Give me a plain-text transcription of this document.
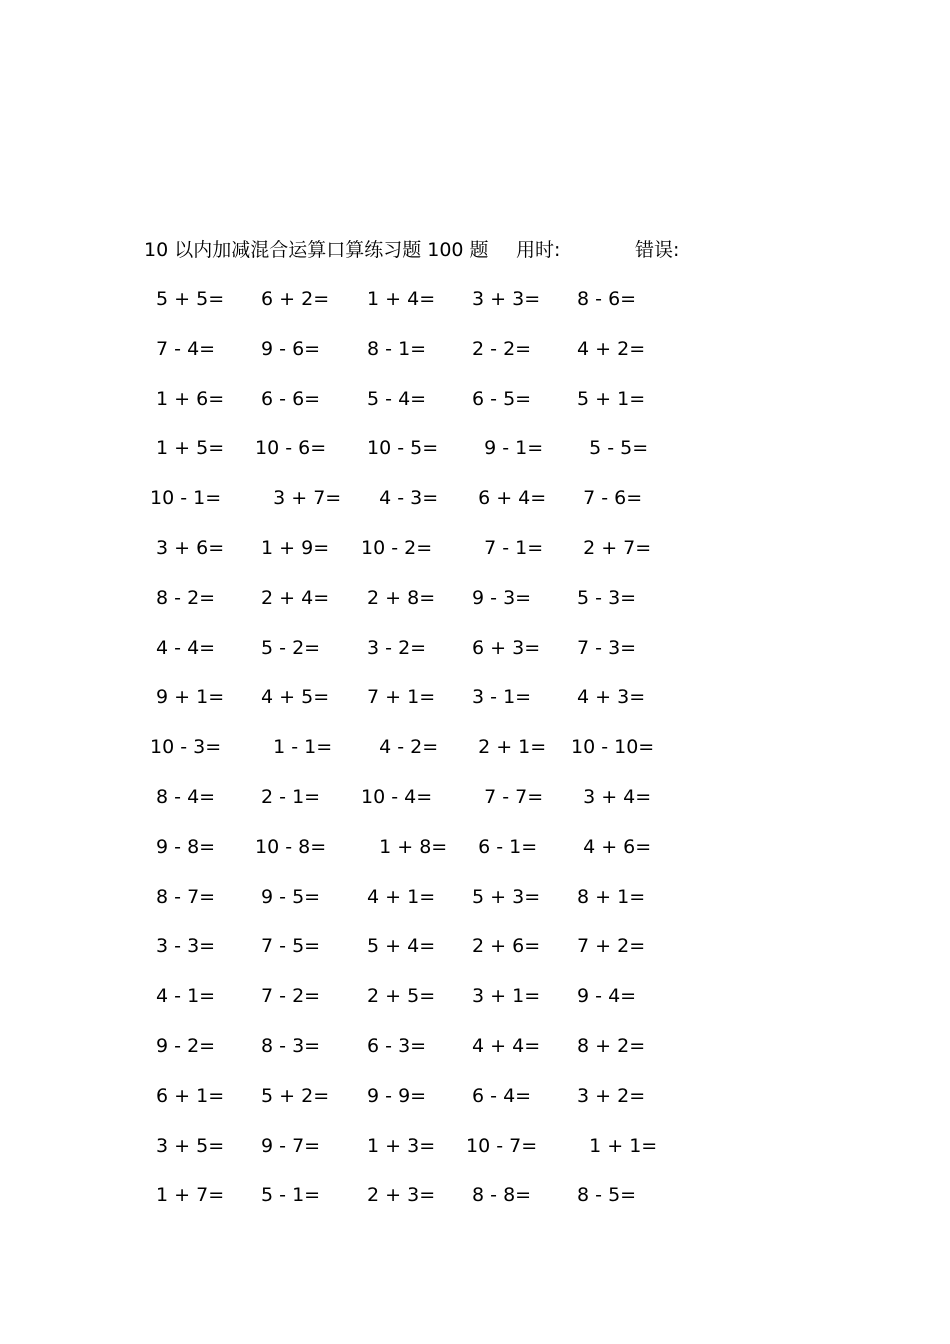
10 以内加减混合运算口算练习题 100 题 用时:	错误:
5 + 5= 6 + 2= 1 + 4= 3 + 3= 8 - 6=
7 - 4= 9 - 6= 8 - 1= 2 - 2= 4 + 2=
1 + 6= 6 - 6= 5 - 4= 6 - 5= 5 + 1=
1 + 5= 10 - 6= 10 - 5= 9 - 1= 5 - 5=
10 - 1= 3 + 7= 4 - 3= 6 + 4= 7 - 6=
3 + 6= 1 + 9= 10 - 2= 7 - 1= 2 + 7=
8 - 2= 2 + 4= 2 + 8= 9 - 3= 5 - 3=
4 - 4= 5 - 2= 3 - 2= 6 + 3= 7 - 3=
9 + 1= 4 + 5= 7 + 1= 3 - 1= 4 + 3=
10 - 3= 1 - 1= 4 - 2= 2 + 1= 10 - 10=
8 - 4= 2 - 1= 10 - 4= 7 - 7= 3 + 4=
9 - 8= 10 - 8= 1 + 8= 6 - 1= 4 + 6=
8 - 7= 9 - 5= 4 + 1= 5 + 3= 8 + 1=
3 - 3= 7 - 5= 5 + 4= 2 + 6= 7 + 2=
4 - 1= 7 - 2= 2 + 5= 3 + 1= 9 - 4=
9 - 2= 8 - 3= 6 - 3= 4 + 4= 8 + 2=
6 + 1= 5 + 2= 9 - 9= 6 - 4= 3 + 2=
3 + 5= 9 - 7= 1 + 3= 10 - 7= 1 + 1=
1 + 7= 5 - 1= 2 + 3= 8 - 8= 8 - 5=
